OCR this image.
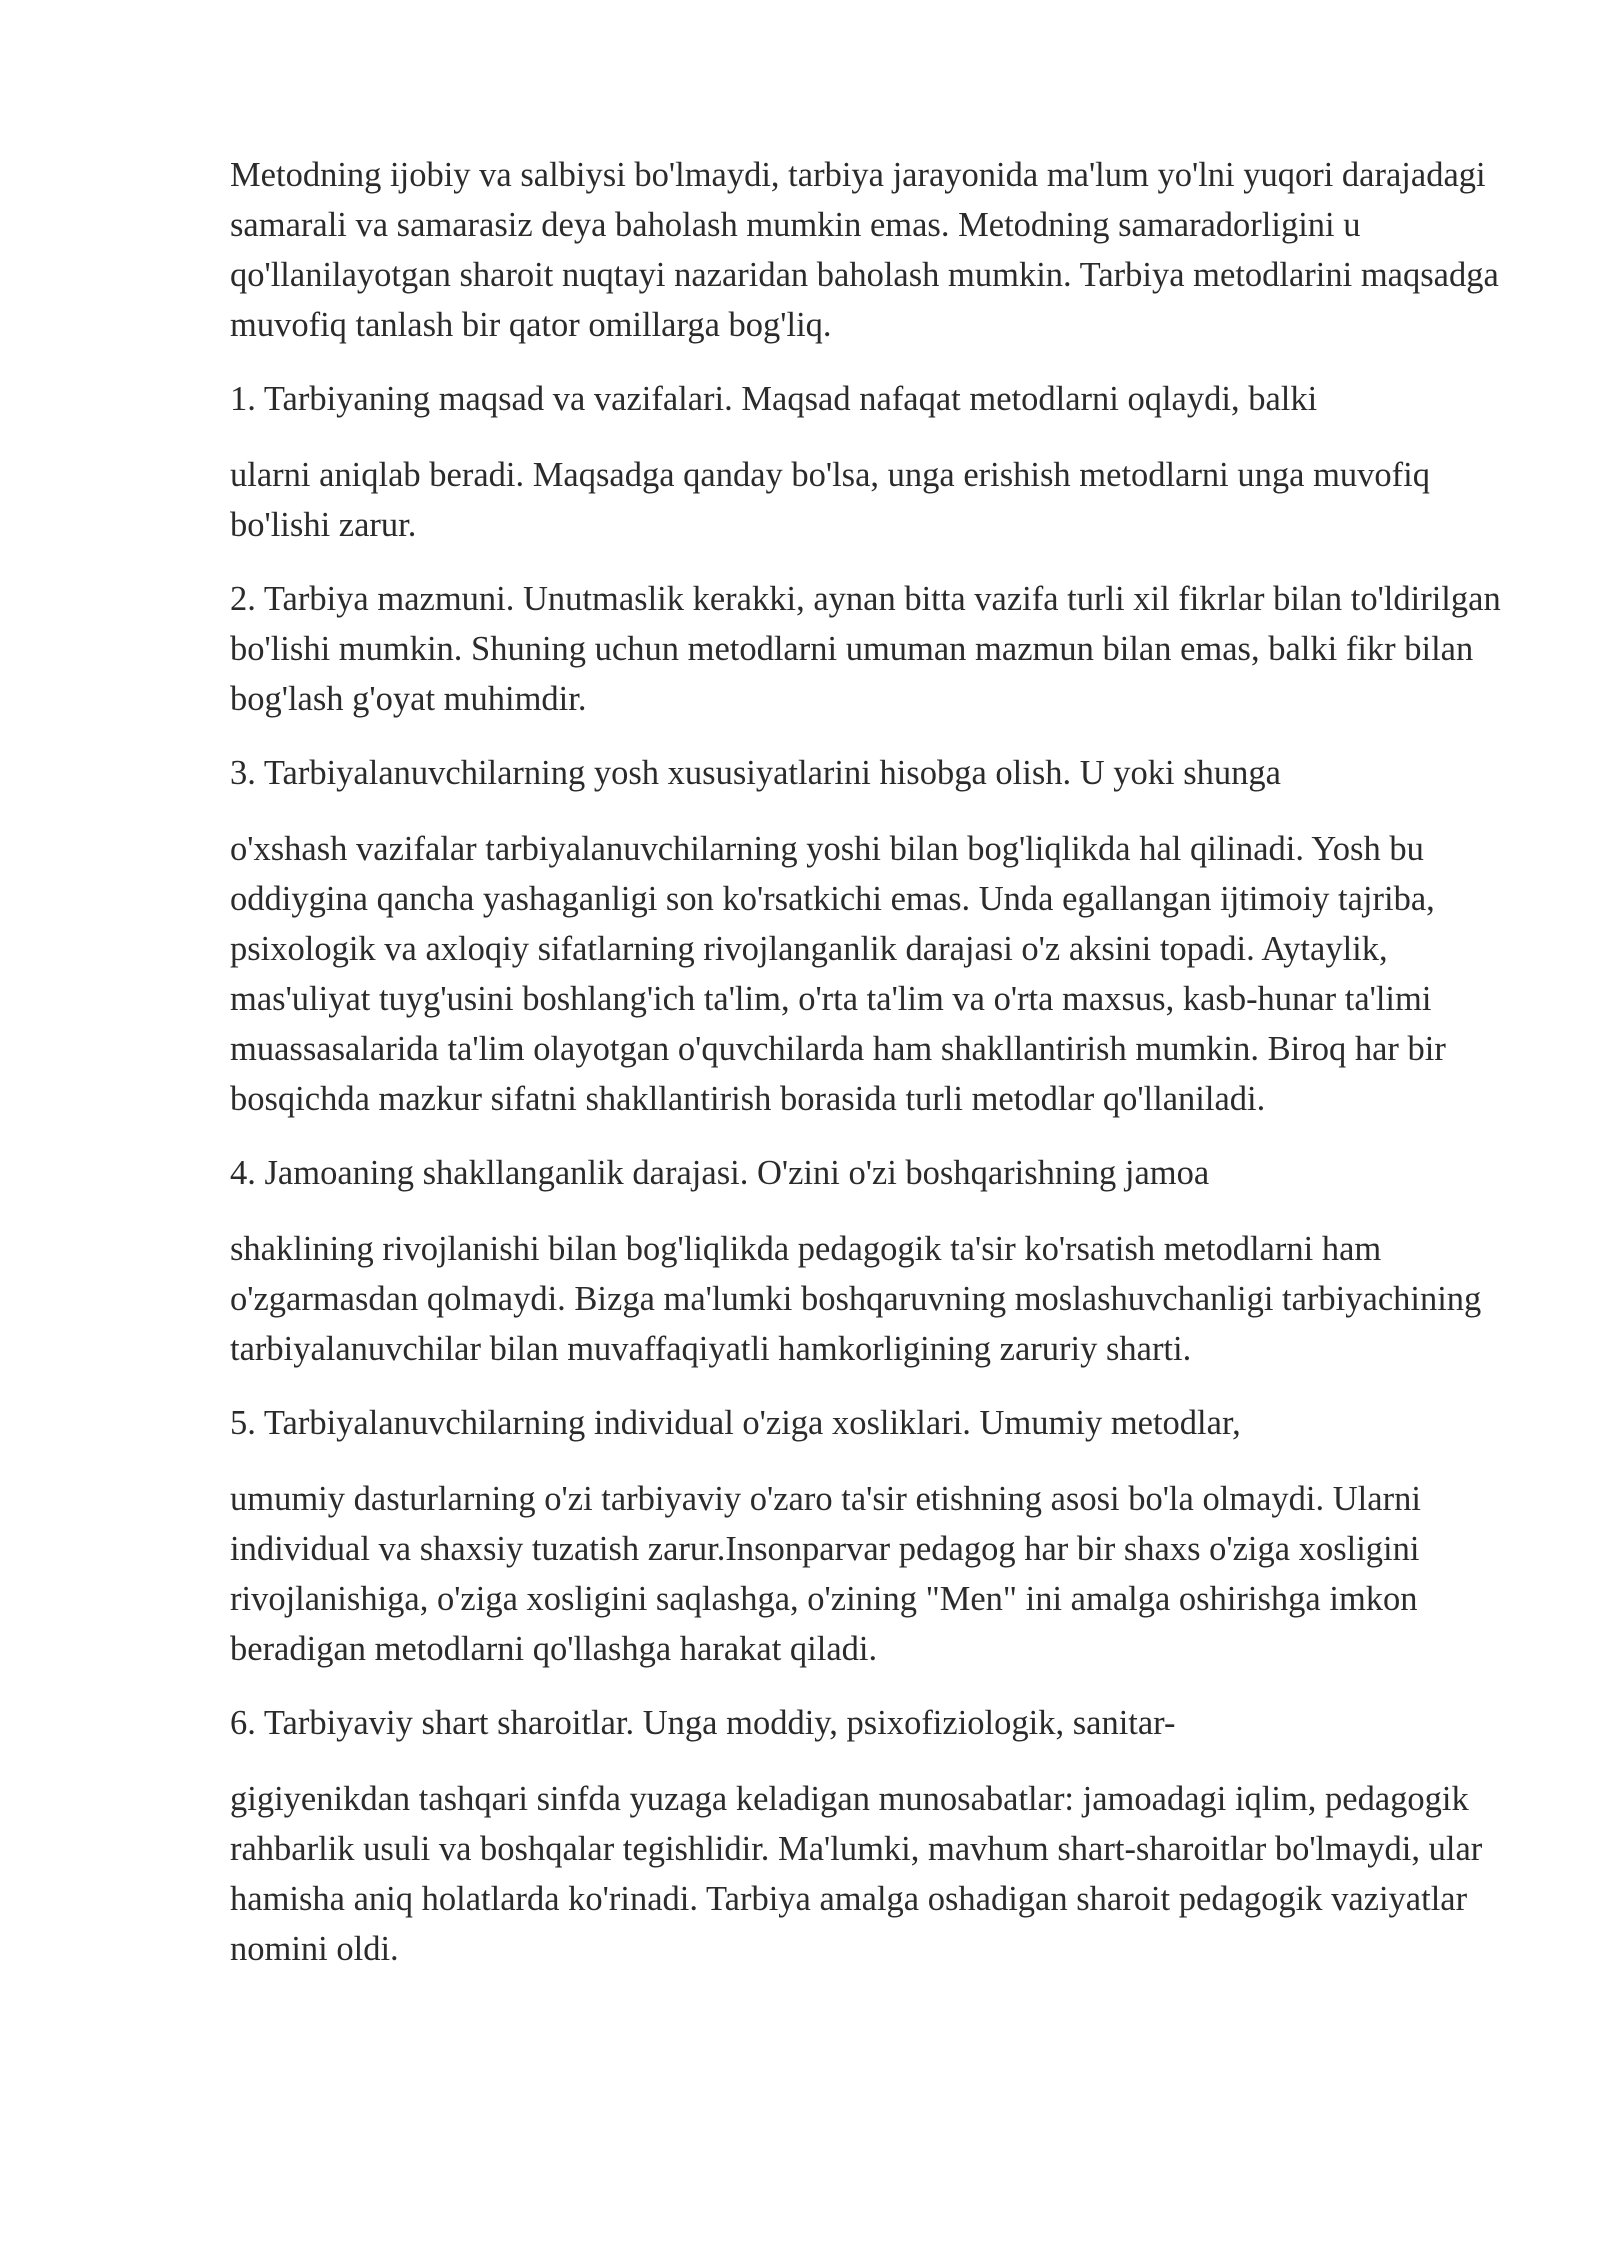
Metodning ijobiy va salbiysi bo'lmaydi, tarbiya jarayonida ma'lum yo'lni yuqori darajadagi samarali va samarasiz deya baholash mumkin emas. Metodning samaradorligini u qo'llanilayotgan sharoit nuqtayi nazaridan baholash mumkin. Tarbiya metodlarini maqsadga muvofiq tanlash bir qator omillarga bog'liq.

1. Tarbiyaning maqsad va vazifalari. Maqsad nafaqat metodlarni oqlaydi, balki

ularni aniqlab beradi. Maqsadga qanday bo'lsa, unga erishish metodlarni unga muvofiq bo'lishi zarur.

2. Tarbiya mazmuni. Unutmaslik kerakki, aynan bitta vazifa turli xil fikrlar bilan to'ldirilgan bo'lishi mumkin. Shuning uchun metodlarni umuman mazmun bilan emas, balki fikr bilan bog'lash g'oyat muhimdir.

3. Tarbiyalanuvchilarning yosh xususiyatlarini hisobga olish. U yoki shunga

o'xshash vazifalar tarbiyalanuvchilarning yoshi bilan bog'liqlikda hal qilinadi. Yosh bu oddiygina qancha yashaganligi son ko'rsatkichi emas. Unda egallangan ijtimoiy tajriba, psixologik va axloqiy sifatlarning rivojlanganlik darajasi o'z aksini topadi. Aytaylik, mas'uliyat tuyg'usini boshlang'ich ta'lim, o'rta ta'lim va o'rta maxsus, kasb-hunar ta'limi muassasalarida ta'lim olayotgan o'quvchilarda ham shakllantirish mumkin. Biroq har bir bosqichda mazkur sifatni shakllantirish borasida turli metodlar qo'llaniladi.

4. Jamoaning shakllanganlik darajasi. O'zini o'zi boshqarishning jamoa

shaklining rivojlanishi bilan bog'liqlikda pedagogik ta'sir ko'rsatish metodlarni ham o'zgarmasdan qolmaydi. Bizga ma'lumki boshqaruvning moslashuvchanligi tarbiyachining tarbiyalanuvchilar bilan muvaffaqiyatli hamkorligining zaruriy sharti.

5. Tarbiyalanuvchilarning individual o'ziga xosliklari. Umumiy metodlar,

umumiy dasturlarning o'zi tarbiyaviy o'zaro ta'sir etishning asosi bo'la olmaydi. Ularni individual va shaxsiy tuzatish zarur.Insonparvar pedagog har bir shaxs o'ziga xosligini rivojlanishiga, o'ziga xosligini saqlashga, o'zining "Men" ini amalga oshirishga imkon beradigan metodlarni qo'llashga harakat qiladi.

6. Tarbiyaviy shart sharoitlar. Unga moddiy, psixofiziologik, sanitar-

gigiyenikdan tashqari sinfda yuzaga keladigan munosabatlar: jamoadagi iqlim, pedagogik rahbarlik usuli va boshqalar tegishlidir. Ma'lumki, mavhum shart-sharoitlar bo'lmaydi, ular hamisha aniq holatlarda ko'rinadi. Tarbiya amalga oshadigan sharoit pedagogik vaziyatlar nomini oldi.
